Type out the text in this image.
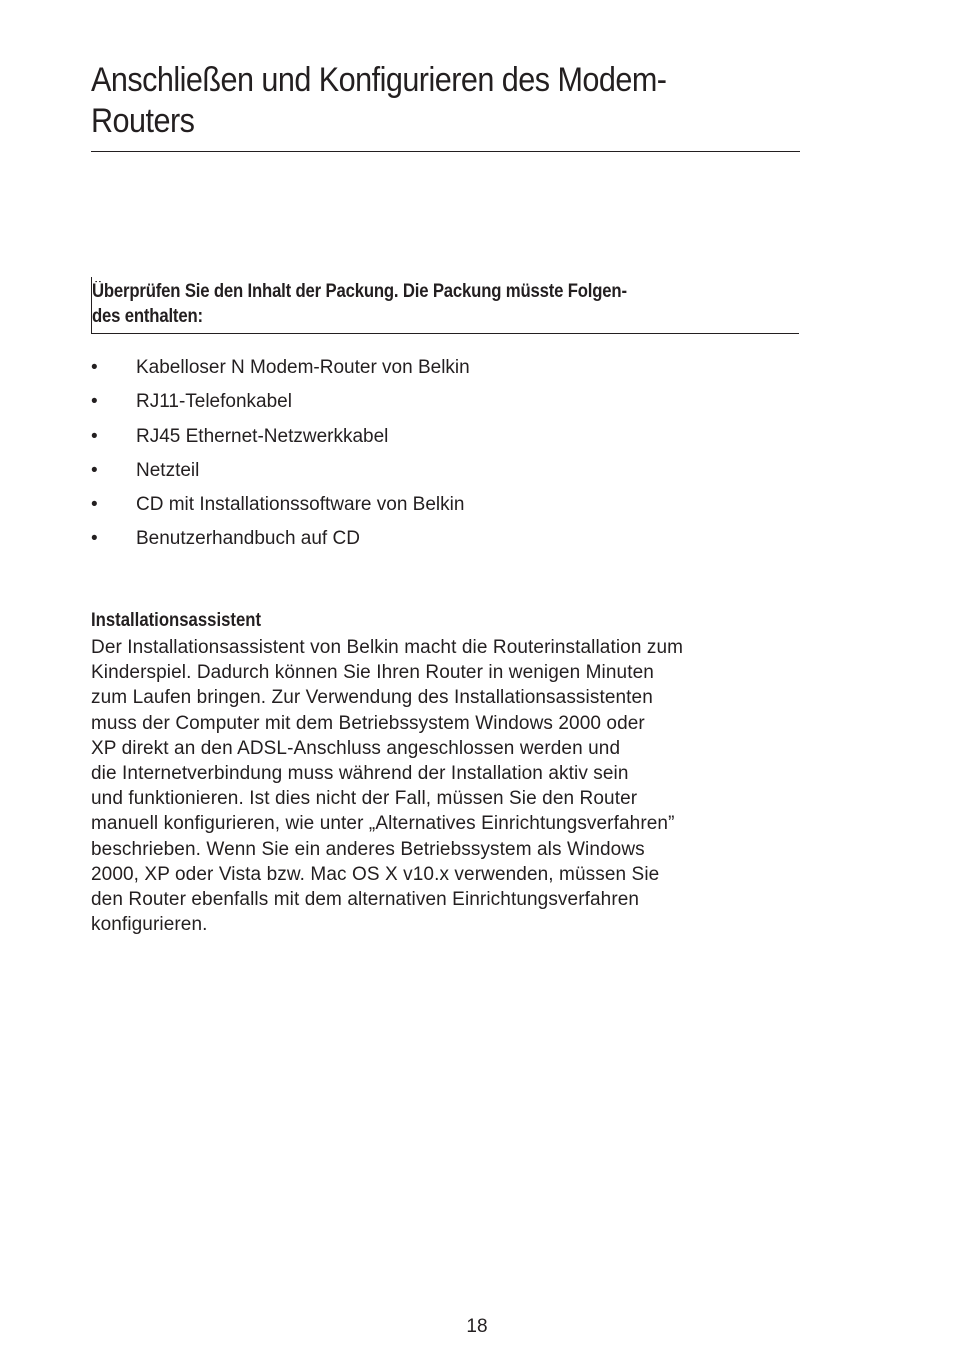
Anschließen und Konfigurieren des Modem-
Routers
Überprüfen Sie den Inhalt der Packung. Die Packung müsste Folgen-
des enthalten:
• Kabelloser N Modem-Router von Belkin
• RJ11-Telefonkabel
• RJ45 Ethernet-Netzwerkkabel
• Netzteil
• CD mit Installationssoftware von Belkin
• Benutzerhandbuch auf CD
Installationsassistent

Der Installationsassistent von Belkin macht die Routerinstallation zum
Kinderspiel. Dadurch können Sie Ihren Router in wenigen Minuten
zum Laufen bringen. Zur Verwendung des Installationsassistenten
muss der Computer mit dem Betriebssystem Windows 2000 oder
XP direkt an den ADSL-Anschluss angeschlossen werden und
die Internetverbindung muss während der Installation aktiv sein
und funktionieren. Ist dies nicht der Fall, müssen Sie den Router
manuell konfigurieren, wie unter „Alternatives Einrichtungsverfahren”
beschrieben. Wenn Sie ein anderes Betriebssystem als Windows
2000, XP oder Vista bzw. Mac OS X v10.x verwenden, müssen Sie
den Router ebenfalls mit dem alternativen Einrichtungsverfahren
konfigurieren.

18
